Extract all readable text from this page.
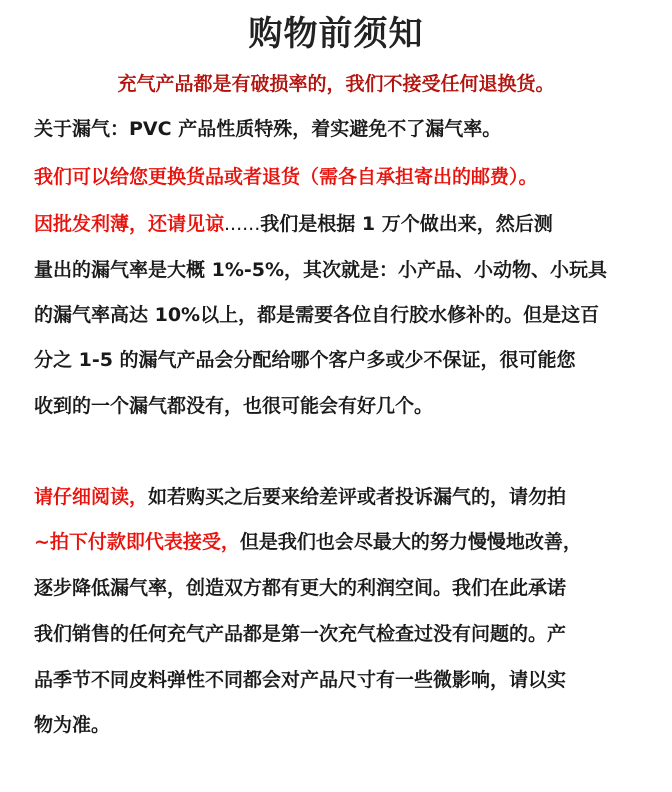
购物前须知
充气产品都是有破损率的，我们不接受任何退换货。
关于漏气：PVC 产品性质特殊，着实避免不了漏气率。
我们可以给您更换货品或者退货（需各自承担寄出的邮费）。
因批发利薄，还请见谅......我们是根据 1 万个做出来，然后测
量出的漏气率是大概 1%-5%，其次就是：小产品、小动物、小玩具
的漏气率高达 10%以上，都是需要各位自行胶水修补的。但是这百
分之 1-5 的漏气产品会分配给哪个客户多或少不保证，很可能您
收到的一个漏气都没有，也很可能会有好几个。
请仔细阅读，如若购买之后要来给差评或者投诉漏气的，请勿拍
~拍下付款即代表接受，但是我们也会尽最大的努力慢慢地改善，
逐步降低漏气率，创造双方都有更大的利润空间。我们在此承诺
我们销售的任何充气产品都是第一次充气检查过没有问题的。产
品季节不同皮料弹性不同都会对产品尺寸有一些微影响，请以实
物为准。
